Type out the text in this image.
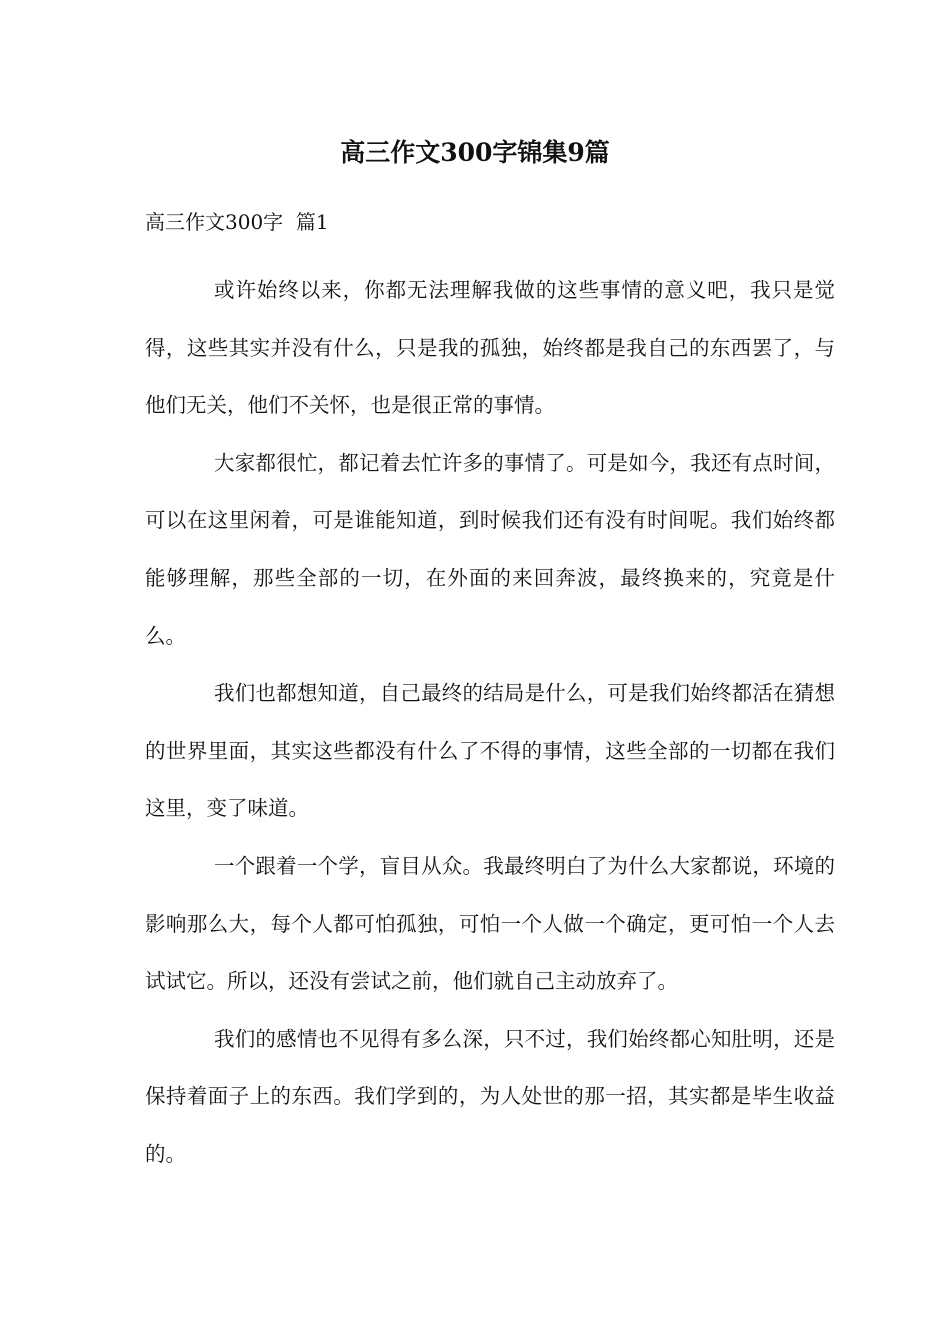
高三作文300字锦集9篇
高三作文300字  篇1

或许始终以来，你都无法理解我做的这些事情的意义吧，我只是觉得，这些其实并没有什么，只是我的孤独，始终都是我自己的东西罢了，与他们无关，他们不关怀，也是很正常的事情。

大家都很忙，都记着去忙许多的事情了。可是如今，我还有点时间，可以在这里闲着，可是谁能知道，到时候我们还有没有时间呢。我们始终都能够理解，那些全部的一切，在外面的来回奔波，最终换来的，究竟是什么。

我们也都想知道，自己最终的结局是什么，可是我们始终都活在猜想的世界里面，其实这些都没有什么了不得的事情，这些全部的一切都在我们这里，变了味道。

一个跟着一个学，盲目从众。我最终明白了为什么大家都说，环境的影响那么大，每个人都可怕孤独，可怕一个人做一个确定，更可怕一个人去试试它。所以，还没有尝试之前，他们就自己主动放弃了。

我们的感情也不见得有多么深，只不过，我们始终都心知肚明，还是保持着面子上的东西。我们学到的，为人处世的那一招，其实都是毕生收益的。
